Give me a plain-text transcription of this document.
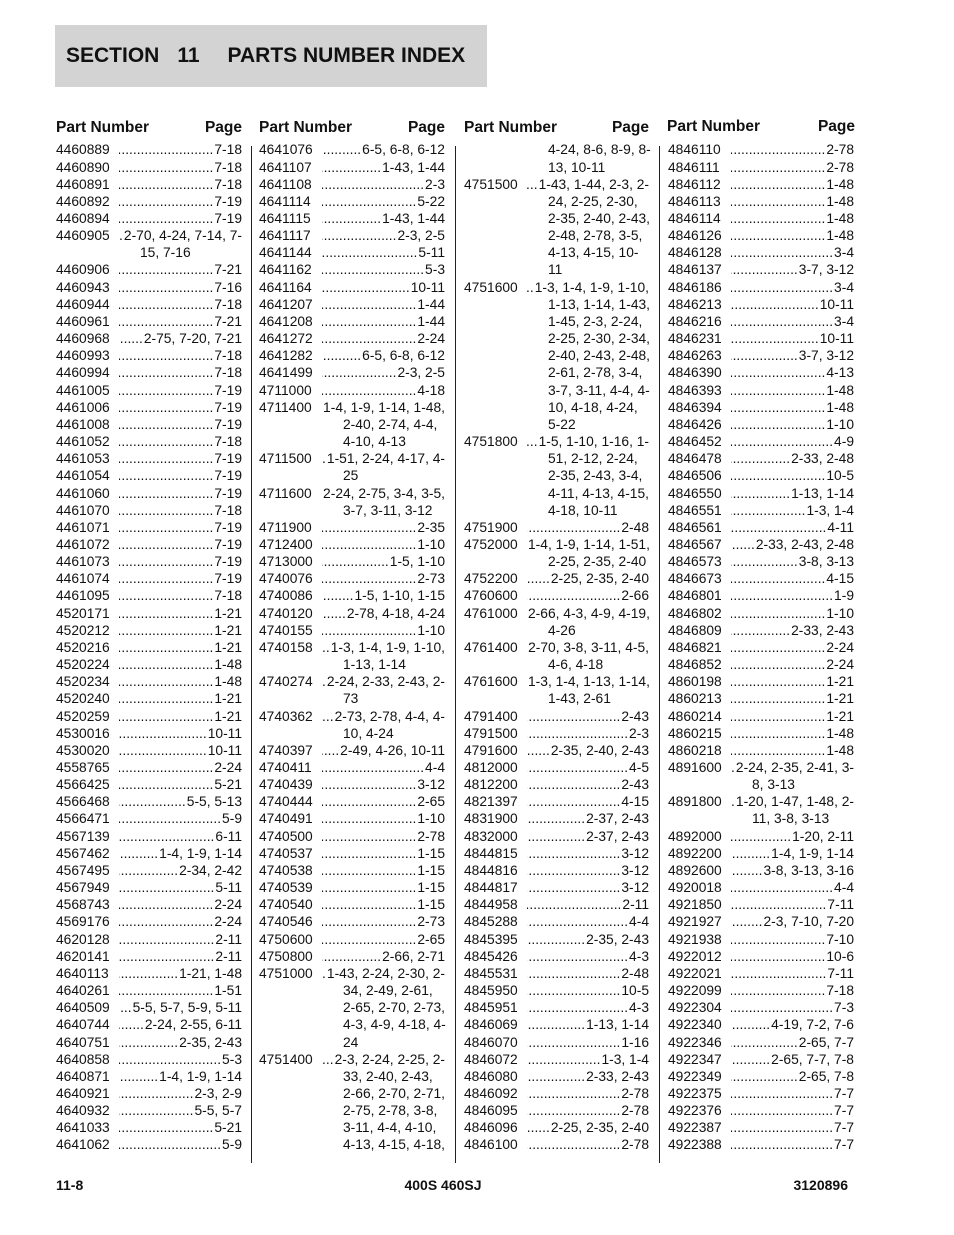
SECTION 11 PARTS NUMBER INDEX
Part Number	Page Part Number	Page Part Number	Page Part Number	Page
4460889 .....	7-18
4460890 .....	7-18
4460891 .....	7-18
4460892 .....	7-19
4460894 .....	7-19
4460905 .....	2-70, 4-24, 7-14, 7-
15, 7-16
4460906 .....	7-21
4460943 .....	7-16
4460944 .....	7-18
4460961 .....	7-21
4460968 .....	2-75, 7-20, 7-21
4460993 .....	7-18
4460994 .....	7-18
4461005 .....	7-19
4461006 .....	7-19
4461008 .....	7-19
4461052 .....	7-18
4461053 .....	7-19
4461054 .....	7-19
4461060 .....	7-19
4461070 .....	7-18
4461071 .....	7-19
4461072 .....	7-19
4461073 .....	7-19
4461074 .....	7-19
4461095 .....	7-18
4520171 .....	1-21
4520212 .....	1-21
4520216 .....	1-21
4520224 .....	1-48
4520234 .....	1-48
4520240 .....	1-21
4520259 .....	1-21
4530016 .....	10-11
4530020 .....	10-11
4558765 .....	2-24
4566425 .....	5-21
4566468 .....	5-5, 5-13
4566471 .....	5-9
4567139 .....	6-11
4567462 .....	1-4, 1-9, 1-14
4567495 .....	2-34, 2-42
4567949 .....	5-11
4568743 .....	2-24
4569176 .....	2-24
4620128 .....	2-11
4620141 .....	2-11
4640113 .....	1-21, 1-48
4640261 .....	1-51
4640509 .....	5-5, 5-7, 5-9, 5-11
4640744 .....	2-24, 2-55, 6-11
4640751 .....	2-35, 2-43
4640858 .....	5-3
4640871 .....	1-4, 1-9, 1-14
4640921 .....	2-3, 2-9
4640932 .....	5-5, 5-7
4641033 .....	5-21
4641062 .....	5-9
4641076 .....	6-5, 6-8, 6-12
4641107 .....	1-43, 1-44
4641108 .....	2-3
4641114 .....	5-22
4641115 .....	1-43, 1-44
4641117 .....	2-3, 2-5
4641144 .....	5-11
4641162 .....	5-3
4641164 .....	10-11
4641207 .....	1-44
4641208 .....	1-44
4641272 .....	2-24
4641282 .....	6-5, 6-8, 6-12
4641499 .....	2-3, 2-5
4711000 .....	4-18
4711400 ..... 1-4, 1-9, 1-14, 1-48,
2-40, 2-74, 4-4,
4-10, 4-13
4711500 .....	1-51, 2-24, 4-17, 4-
25
4711600 ..... 2-24, 2-75, 3-4, 3-5,
3-7, 3-11, 3-12
4711900 .....	2-35
4712400 .....	1-10
4713000 .....	1-5, 1-10
4740076 .....	2-73
4740086 .....	1-5, 1-10, 1-15
4740120 .....	2-78, 4-18, 4-24
4740155 .....	1-10
4740158 .....	1-3, 1-4, 1-9, 1-10,
1-13, 1-14
4740274 .....	2-24, 2-33, 2-43, 2-
73
4740362 .....	2-73, 2-78, 4-4, 4-
10, 4-24
4740397 .....	2-49, 4-26, 10-11
4740411 .....	4-4
4740439 .....	3-12
4740444 .....	2-65
4740491 .....	1-10
4740500 .....	2-78
4740537 .....	1-15
4740538 .....	1-15
4740539 .....	1-15
4740540 .....	1-15
4740546 .....	2-73
4750600 .....	2-65
4750800 .....	2-66, 2-71
4751000 .....	1-43, 2-24, 2-30, 2-
34, 2-49, 2-61,
2-65, 2-70, 2-73,
4-3, 4-9, 4-18, 4-
24
4751400 .....	2-3, 2-24, 2-25, 2-
33, 2-40, 2-43,
2-66, 2-70, 2-71,
2-75, 2-78, 3-8,
3-11, 4-4, 4-10,
4-13, 4-15, 4-18,
4-24, 8-6, 8-9, 8-
13, 10-11
4751500 .....	1-43, 1-44, 2-3, 2-
24, 2-25, 2-30,
2-35, 2-40, 2-43,
2-48, 2-78, 3-5,
4-13, 4-15, 10-
11
4751600 .....	1-3, 1-4, 1-9, 1-10,
1-13, 1-14, 1-43,
1-45, 2-3, 2-24,
2-25, 2-30, 2-34,
2-40, 2-43, 2-48,
2-61, 2-78, 3-4,
3-7, 3-11, 4-4, 4-
10, 4-18, 4-24,
5-22
4751800 .....	1-5, 1-10, 1-16, 1-
51, 2-12, 2-24,
2-35, 2-43, 3-4,
4-11, 4-13, 4-15,
4-18, 10-11
4751900 .....	2-48
4752000 1-4, 1-9, 1-14, 1-51,
2-25, 2-35, 2-40
4752200 .....	2-25, 2-35, 2-40
4760600 .....	2-66
4761000 2-66, 4-3, 4-9, 4-19,
4-26
4761400 ..... 2-70, 3-8, 3-11, 4-5,
4-6, 4-18
4761600 1-3, 1-4, 1-13, 1-14,
1-43, 2-61
4791400 .....	2-43
4791500 .....	2-3
4791600 .....	2-35, 2-40, 2-43
4812000 .....	4-5
4812200 .....	2-43
4821397 .....	4-15
4831900 .....	2-37, 2-43
4832000 .....	2-37, 2-43
4844815 .....	3-12
4844816 .....	3-12
4844817 .....	3-12
4844958 .....	2-11
4845288 .....	4-4
4845395 .....	2-35, 2-43
4845426 .....	4-3
4845531 .....	2-48
4845950 .....	10-5
4845951 .....	4-3
4846069 .....	1-13, 1-14
4846070 .....	1-16
4846072 .....	1-3, 1-4
4846080 .....	2-33, 2-43
4846092 .....	2-78
4846095 .....	2-78
4846096 .....	2-25, 2-35, 2-40
4846100 .....	2-78
4846110 .....	2-78
4846111 .....	2-78
4846112 .....	1-48
4846113 .....	1-48
4846114 .....	1-48
4846126 .....	1-48
4846128 .....	3-4
4846137 .....	3-7, 3-12
4846186 .....	3-4
4846213 .....	10-11
4846216 .....	3-4
4846231 .....	10-11
4846263 .....	3-7, 3-12
4846390 .....	4-13
4846393 .....	1-48
4846394 .....	1-48
4846426 .....	1-10
4846452 .....	4-9
4846478 .....	2-33, 2-48
4846506 .....	10-5
4846550 .....	1-13, 1-14
4846551 .....	1-3, 1-4
4846561 .....	4-11
4846567 .....	2-33, 2-43, 2-48
4846573 .....	3-8, 3-13
4846673 .....	4-15
4846801 .....	1-9
4846802 .....	1-10
4846809 .....	2-33, 2-43
4846821 .....	2-24
4846852 .....	2-24
4860198 .....	1-21
4860213 .....	1-21
4860214 .....	1-21
4860215 .....	1-48
4860218 .....	1-48
4891600 .....	2-24, 2-35, 2-41, 3-
8, 3-13
4891800 .....	1-20, 1-47, 1-48, 2-
11, 3-8, 3-13
4892000 .....	1-20, 2-11
4892200 .....	1-4, 1-9, 1-14
4892600 .....	3-8, 3-13, 3-16
4920018 .....	4-4
4921850 .....	7-11
4921927 .....	2-3, 7-10, 7-20
4921938 .....	7-10
4922012 .....	10-6
4922021 .....	7-11
4922099 .....	7-18
4922304 .....	7-3
4922340 .....	4-19, 7-2, 7-6
4922346 .....	2-65, 7-7
4922347 .....	2-65, 7-7, 7-8
4922349 .....	2-65, 7-8
4922375 .....	7-7
4922376 .....	7-7
4922387 .....	7-7
4922388 .....	7-7
11-8	400S 460SJ	3120896
